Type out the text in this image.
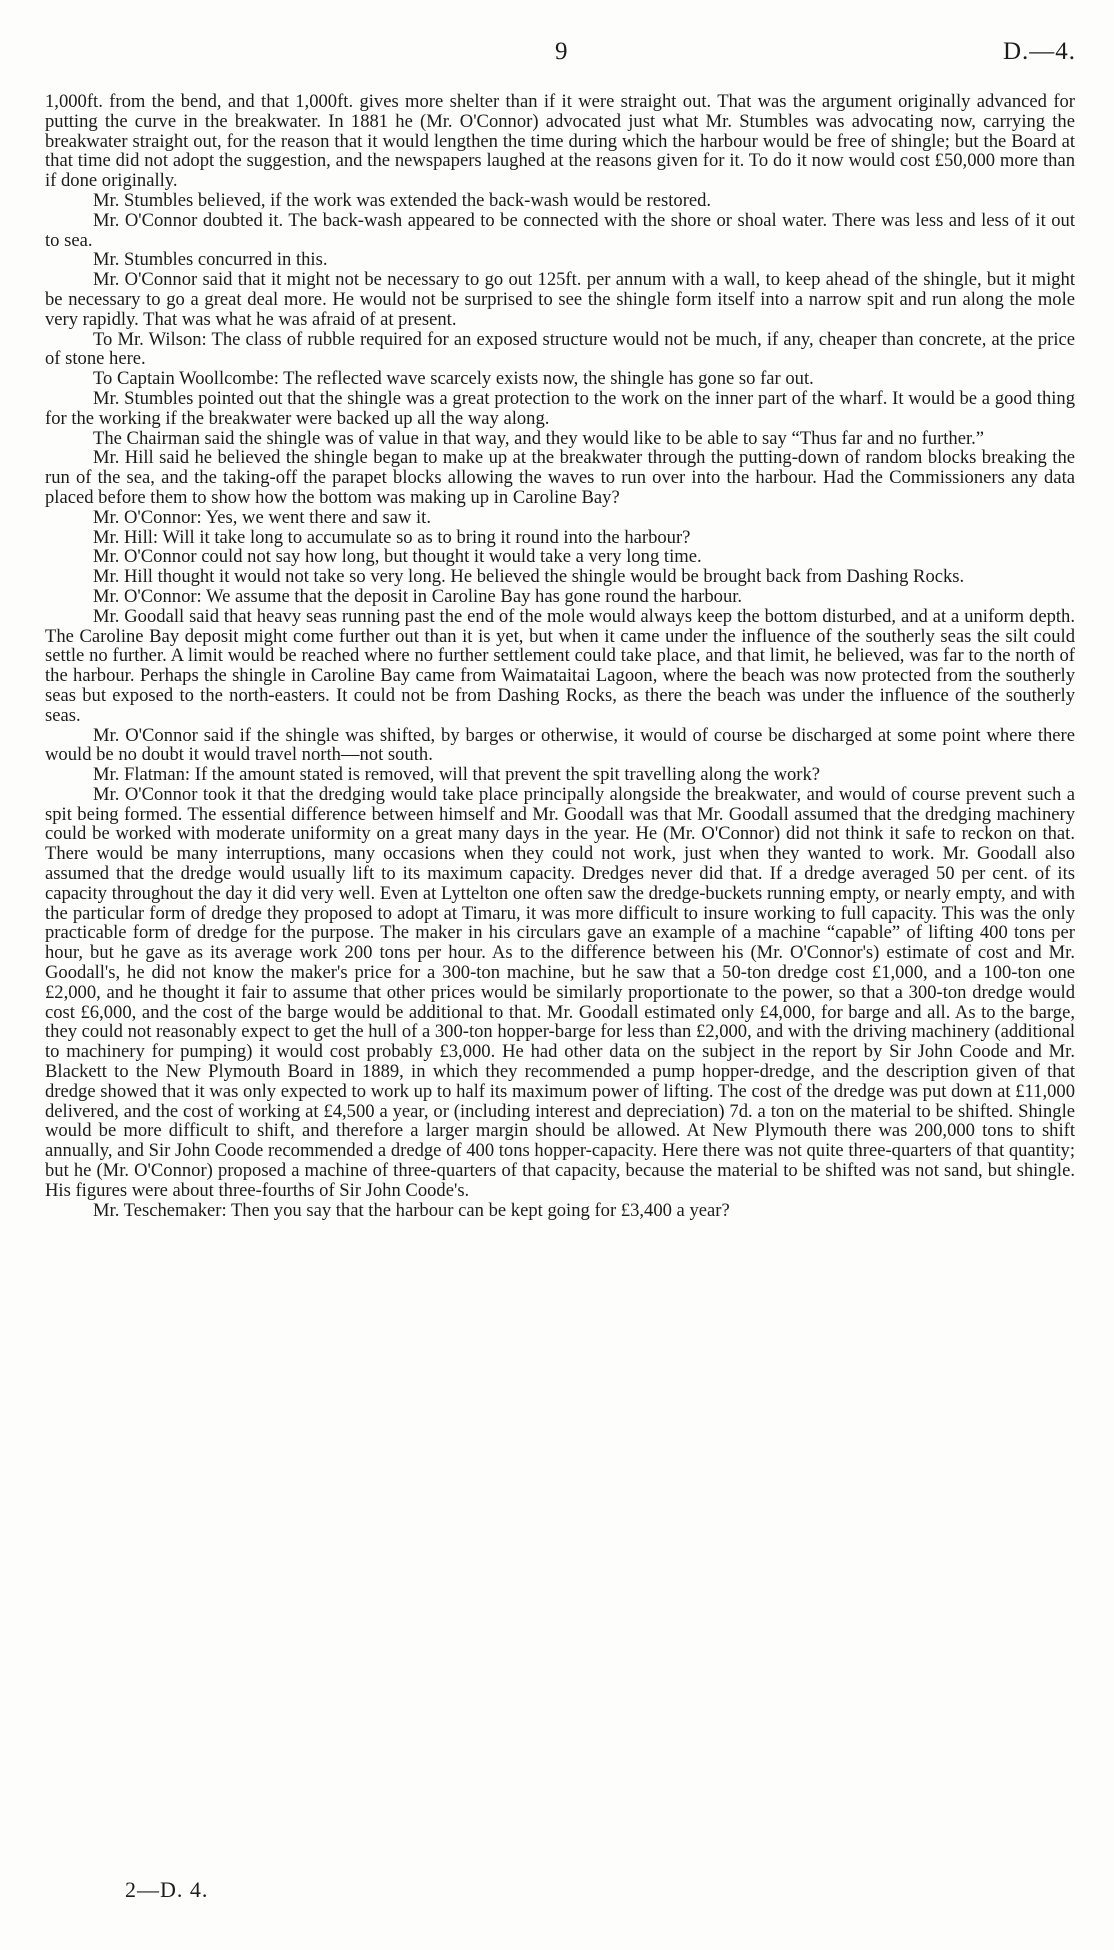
9	D.—4.

1,000ft. from the bend, and that 1,000ft. gives more shelter than if it were straight out. That was the argument originally advanced for putting the curve in the breakwater. In 1881 he (Mr. O'Connor) advocated just what Mr. Stumbles was advocating now, carrying the breakwater straight out, for the reason that it would lengthen the time during which the harbour would be free of shingle; but the Board at that time did not adopt the suggestion, and the newspapers laughed at the reasons given for it. To do it now would cost £50,000 more than if done originally.

Mr. Stumbles believed, if the work was extended the back-wash would be restored.

Mr. O'Connor doubted it. The back-wash appeared to be connected with the shore or shoal water. There was less and less of it out to sea.

Mr. Stumbles concurred in this.

Mr. O'Connor said that it might not be necessary to go out 125ft. per annum with a wall, to keep ahead of the shingle, but it might be necessary to go a great deal more. He would not be surprised to see the shingle form itself into a narrow spit and run along the mole very rapidly. That was what he was afraid of at present.

To Mr. Wilson: The class of rubble required for an exposed structure would not be much, if any, cheaper than concrete, at the price of stone here.

To Captain Woollcombe: The reflected wave scarcely exists now, the shingle has gone so far out.

Mr. Stumbles pointed out that the shingle was a great protection to the work on the inner part of the wharf. It would be a good thing for the working if the breakwater were backed up all the way along.

The Chairman said the shingle was of value in that way, and they would like to be able to say “Thus far and no further.”

Mr. Hill said he believed the shingle began to make up at the breakwater through the putting-down of random blocks breaking the run of the sea, and the taking-off the parapet blocks allowing the waves to run over into the harbour. Had the Commissioners any data placed before them to show how the bottom was making up in Caroline Bay?

Mr. O'Connor: Yes, we went there and saw it.

Mr. Hill: Will it take long to accumulate so as to bring it round into the harbour?

Mr. O'Connor could not say how long, but thought it would take a very long time.

Mr. Hill thought it would not take so very long. He believed the shingle would be brought back from Dashing Rocks.

Mr. O'Connor: We assume that the deposit in Caroline Bay has gone round the harbour.

Mr. Goodall said that heavy seas running past the end of the mole would always keep the bottom disturbed, and at a uniform depth. The Caroline Bay deposit might come further out than it is yet, but when it came under the influence of the southerly seas the silt could settle no further. A limit would be reached where no further settlement could take place, and that limit, he believed, was far to the north of the harbour. Perhaps the shingle in Caroline Bay came from Waimataitai Lagoon, where the beach was now protected from the southerly seas but exposed to the north-easters. It could not be from Dashing Rocks, as there the beach was under the influence of the southerly seas.

Mr. O'Connor said if the shingle was shifted, by barges or otherwise, it would of course be discharged at some point where there would be no doubt it would travel north—not south.

Mr. Flatman: If the amount stated is removed, will that prevent the spit travelling along the work?

Mr. O'Connor took it that the dredging would take place principally alongside the breakwater, and would of course prevent such a spit being formed. The essential difference between himself and Mr. Goodall was that Mr. Goodall assumed that the dredging machinery could be worked with moderate uniformity on a great many days in the year. He (Mr. O'Connor) did not think it safe to reckon on that. There would be many interruptions, many occasions when they could not work, just when they wanted to work. Mr. Goodall also assumed that the dredge would usually lift to its maximum capacity. Dredges never did that. If a dredge averaged 50 per cent. of its capacity throughout the day it did very well. Even at Lyttelton one often saw the dredge-buckets running empty, or nearly empty, and with the particular form of dredge they proposed to adopt at Timaru, it was more difficult to insure working to full capacity. This was the only practicable form of dredge for the purpose. The maker in his circulars gave an example of a machine “capable” of lifting 400 tons per hour, but he gave as its average work 200 tons per hour. As to the difference between his (Mr. O'Connor's) estimate of cost and Mr. Goodall's, he did not know the maker's price for a 300-ton machine, but he saw that a 50-ton dredge cost £1,000, and a 100-ton one £2,000, and he thought it fair to assume that other prices would be similarly proportionate to the power, so that a 300-ton dredge would cost £6,000, and the cost of the barge would be additional to that. Mr. Goodall estimated only £4,000, for barge and all. As to the barge, they could not reasonably expect to get the hull of a 300-ton hopper-barge for less than £2,000, and with the driving machinery (additional to machinery for pumping) it would cost probably £3,000. He had other data on the subject in the report by Sir John Coode and Mr. Blackett to the New Plymouth Board in 1889, in which they recommended a pump hopper-dredge, and the description given of that dredge showed that it was only expected to work up to half its maximum power of lifting. The cost of the dredge was put down at £11,000 delivered, and the cost of working at £4,500 a year, or (including interest and depreciation) 7d. a ton on the material to be shifted. Shingle would be more difficult to shift, and therefore a larger margin should be allowed. At New Plymouth there was 200,000 tons to shift annually, and Sir John Coode recommended a dredge of 400 tons hopper-capacity. Here there was not quite three-quarters of that quantity; but he (Mr. O'Connor) proposed a machine of three-quarters of that capacity, because the material to be shifted was not sand, but shingle. His figures were about three-fourths of Sir John Coode's.

Mr. Teschemaker: Then you say that the harbour can be kept going for £3,400 a year?

2—D. 4.
